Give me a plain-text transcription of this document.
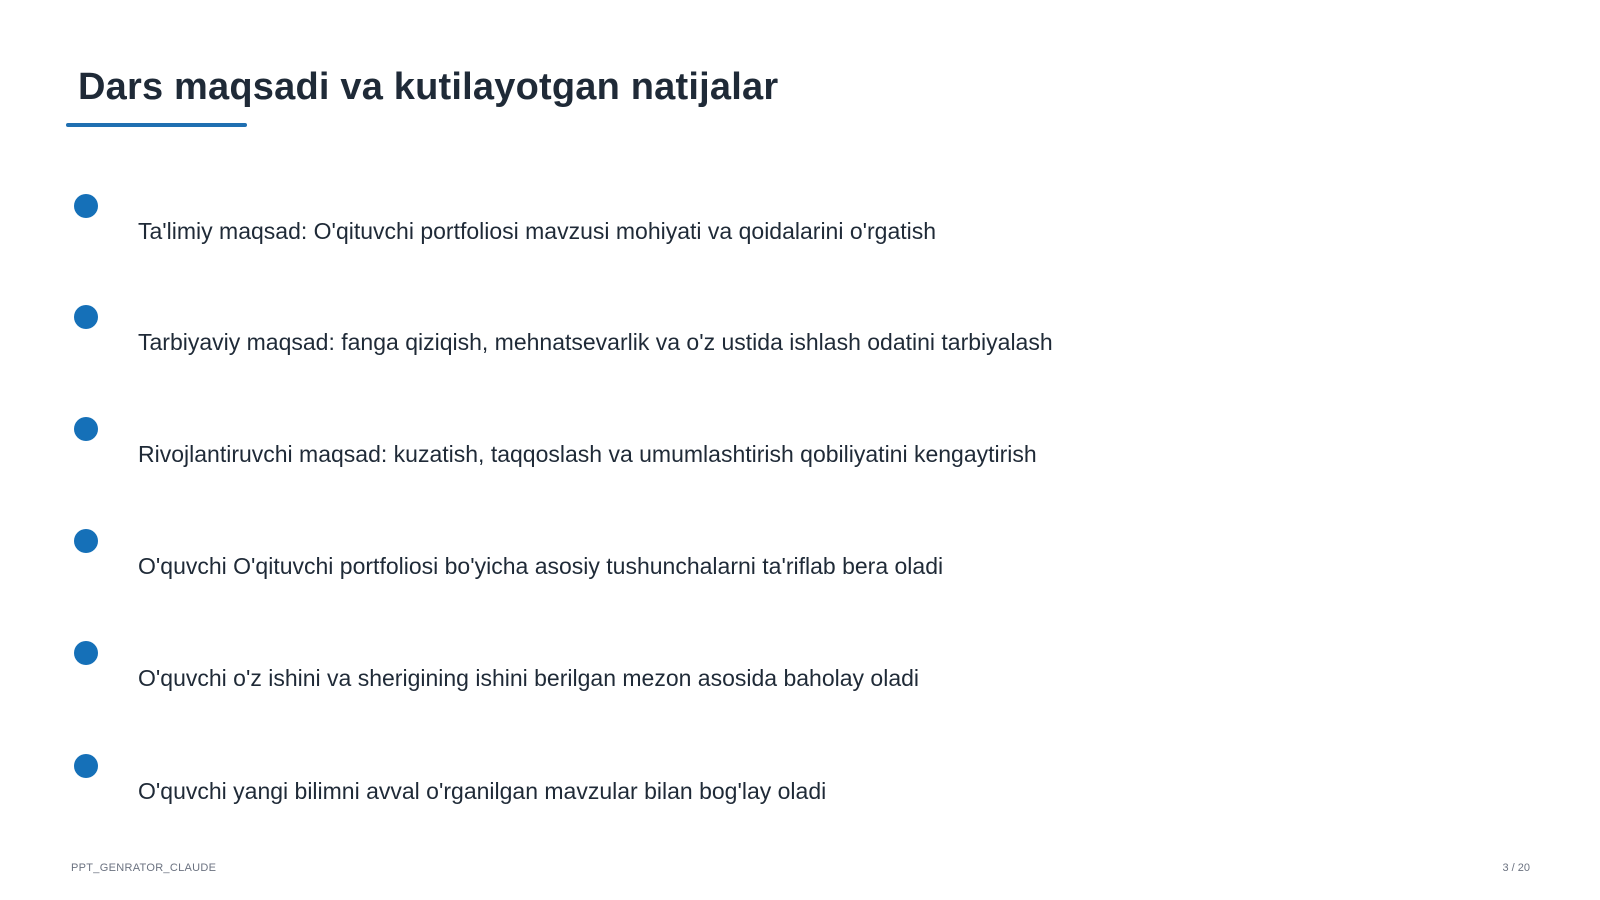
Dars maqsadi va kutilayotgan natijalar
Ta'limiy maqsad: O'qituvchi portfoliosi mavzusi mohiyati va qoidalarini o'rgatish
Tarbiyaviy maqsad: fanga qiziqish, mehnatsevarlik va o'z ustida ishlash odatini tarbiyalash
Rivojlantiruvchi maqsad: kuzatish, taqqoslash va umumlashtirish qobiliyatini kengaytirish
O'quvchi O'qituvchi portfoliosi bo'yicha asosiy tushunchalarni ta'riflab bera oladi
O'quvchi o'z ishini va sherigining ishini berilgan mezon asosida baholay oladi
O'quvchi yangi bilimni avval o'rganilgan mavzular bilan bog'lay oladi
PPT_GENRATOR_CLAUDE	3 / 20
